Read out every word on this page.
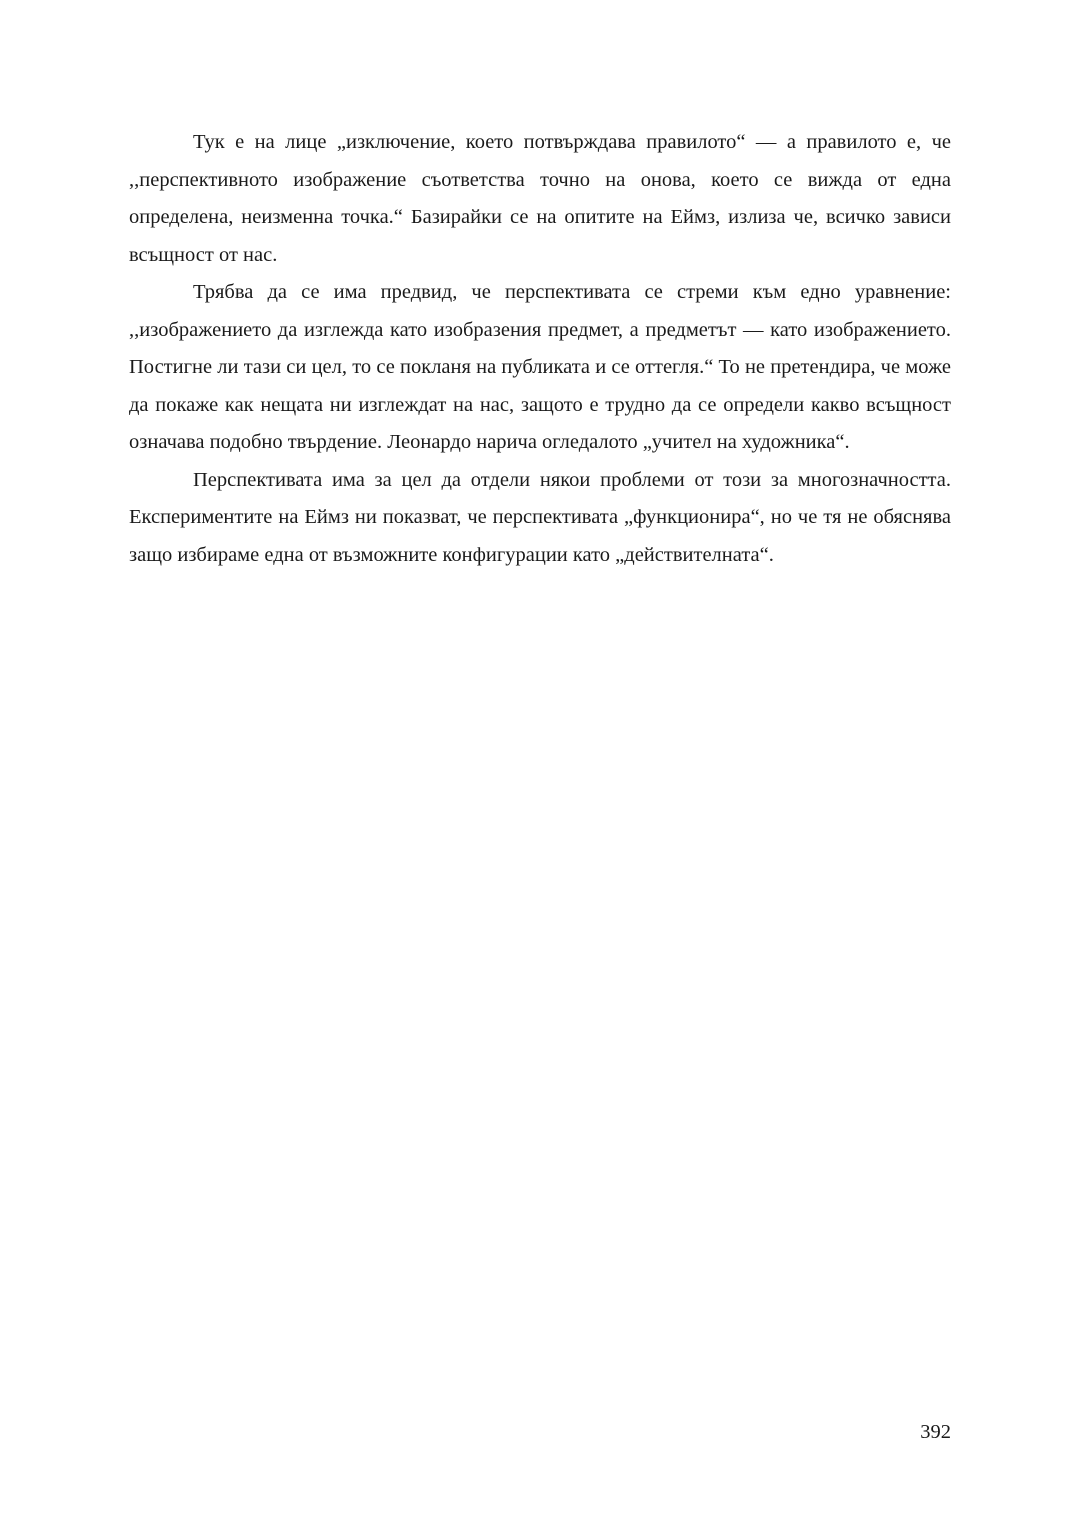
Тук е на лице „изключение, което потвърждава правилото“ — а правилото е, че ,,перспективното изображение съответства точно на онова, което се вижда от една определена, неизменна точка.“ Базирайки се на опитите на Еймз, излиза че, всичко зависи всъщност от нас.

Трябва да се има предвид, че перспективата се стреми към едно уравнение: ,,изображението да изглежда като изобразения предмет, а предметът — като изображението. Постигне ли тази си цел, то се покланя на публиката и се оттегля.“ То не претендира, че може да покаже как нещата ни изглеждат на нас, защото е трудно да се определи какво всъщност означава подобно твърдение. Леонардо нарича огледалото „учител на художника“.

Перспективата има за цел да отдели някои проблеми от този за многозначността. Експериментите на Еймз ни показват, че перспективата „функционира“, но че тя не обяснява защо избираме една от възможните конфигурации като „действителната“.

392
